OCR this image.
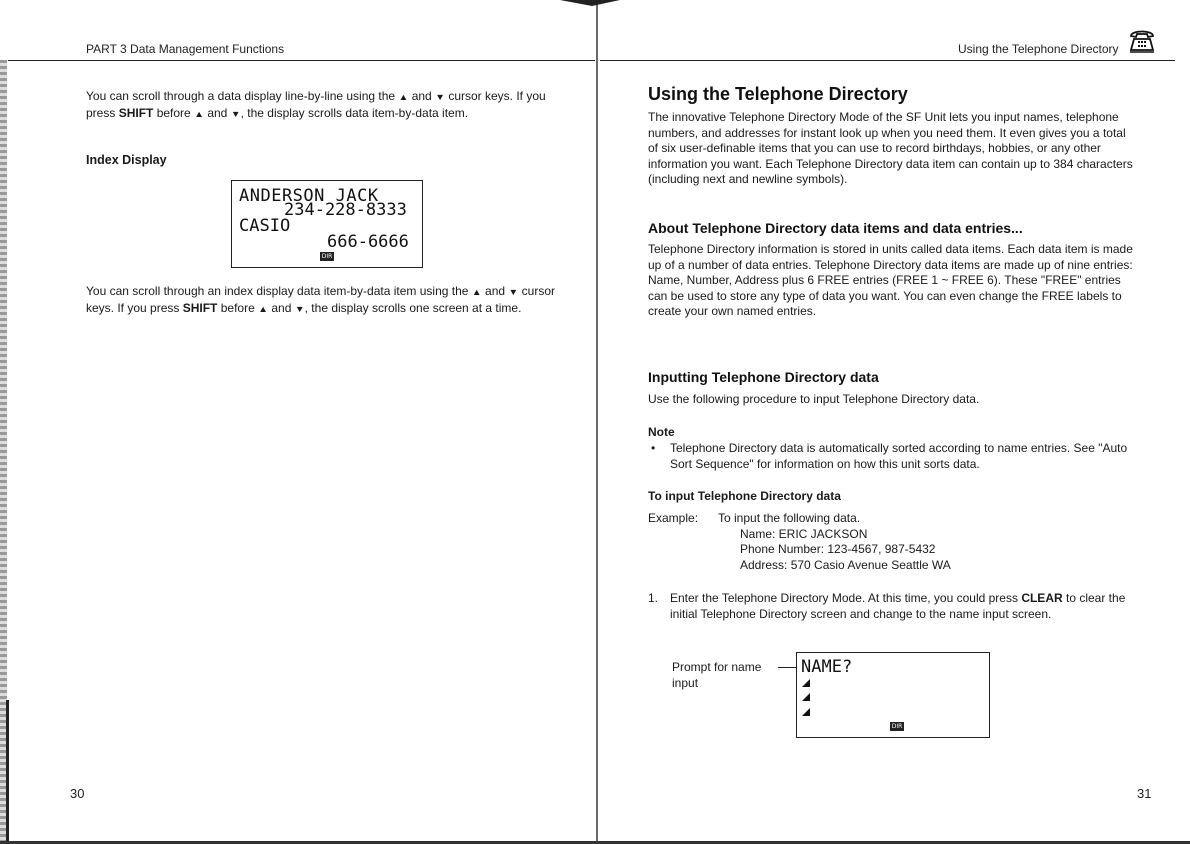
PART 3 Data Management Functions

You can scroll through a data display line-by-line using the ▲ and ▼ cursor keys. If you press SHIFT before ▲ and ▼, the display scrolls data item-by-data item.

Index Display
ANDERSON JACK
234-228-8333
CASIO
666-6666
DIR

You can scroll through an index display data item-by-data item using the ▲ and ▼ cursor keys. If you press SHIFT before ▲ and ▼, the display scrolls one screen at a time.

30
Using the Telephone Directory
Using the Telephone Directory

The innovative Telephone Directory Mode of the SF Unit lets you input names, telephone numbers, and addresses for instant look up when you need them. It even gives you a total of six user-definable items that you can use to record birthdays, hobbies, or any other information you want. Each Telephone Directory data item can contain up to 384 characters (including next and newline symbols).

About Telephone Directory data items and data entries...

Telephone Directory information is stored in units called data items. Each data item is made up of a number of data entries. Telephone Directory data items are made up of nine entries: Name, Number, Address plus 6 FREE entries (FREE 1 ~ FREE 6). These "FREE" entries can be used to store any type of data you want. You can even change the FREE labels to create your own named entries.

Inputting Telephone Directory data

Use the following procedure to input Telephone Directory data.

Note
• Telephone Directory data is automatically sorted according to name entries. See "Auto Sort Sequence" for information on how this unit sorts data.
To input Telephone Directory data
Example:	To input the following data.
	Name: ERIC JACKSON
	Phone Number: 123-4567, 987-5432
	Address: 570 Casio Avenue Seattle WA
1. Enter the Telephone Directory Mode. At this time, you could press CLEAR to clear the initial Telephone Directory screen and change to the name input screen.
Prompt for name
input
NAME?
DIR
31
